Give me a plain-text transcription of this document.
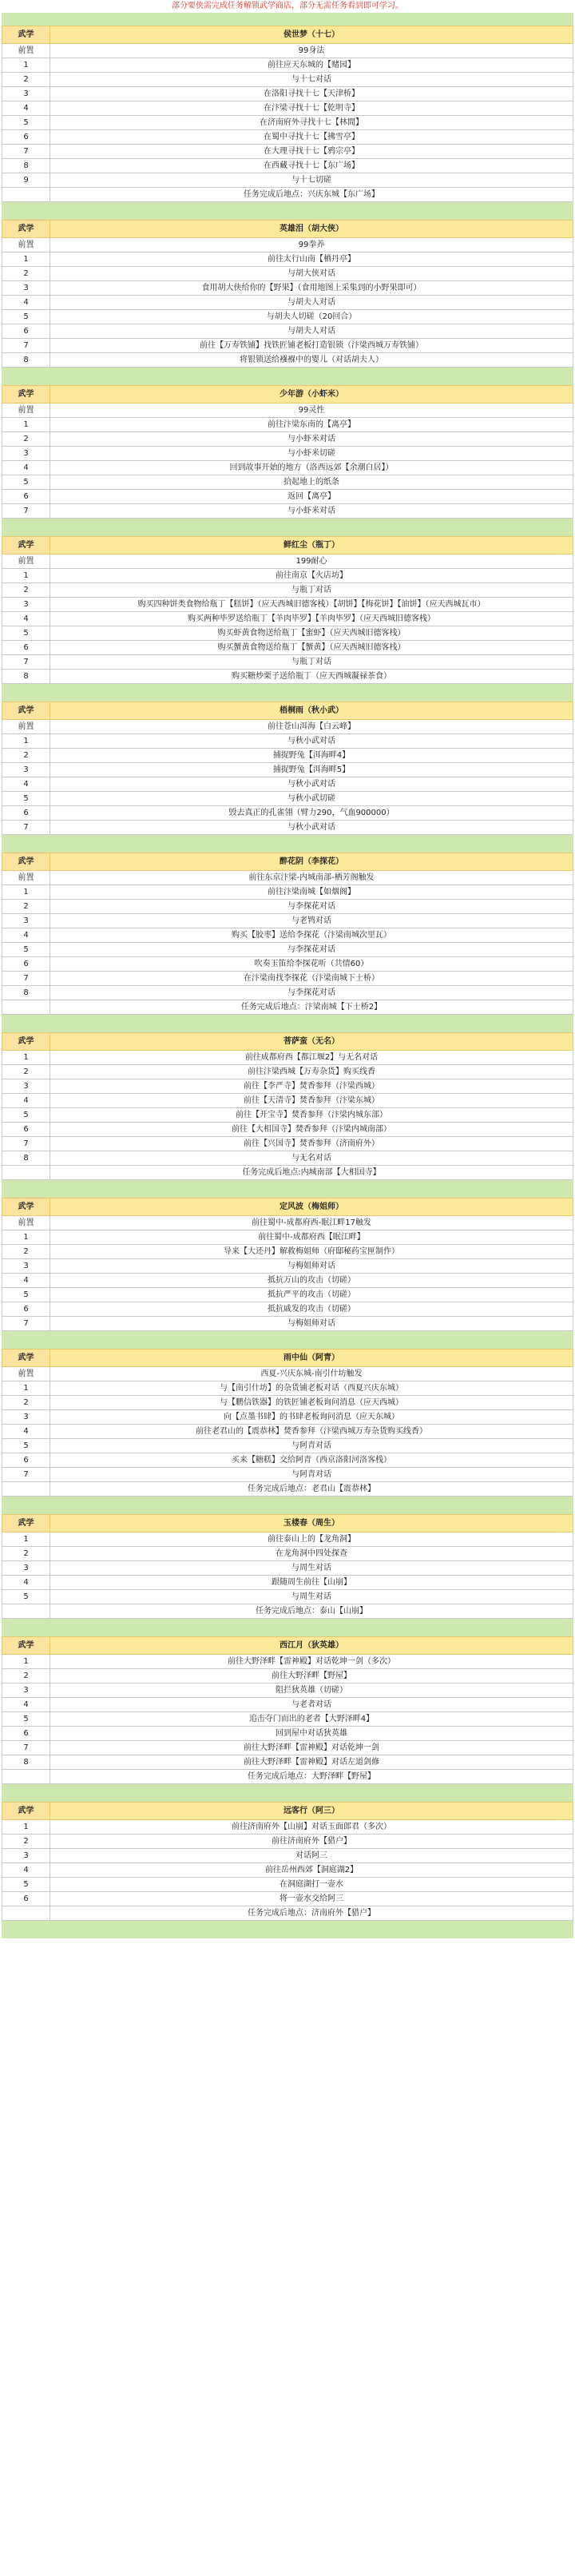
部分要侠需完成任务解锁武学商店，部分无需任务看到即可学习。
武学	侯世梦（十七）
前置	99身法
1	前往应天东城的【赌园】
2	与十七对话
3	在洛阳寻找十七【天津桥】
4	在汴梁寻找十七【乾明寺】
5	在济南府外寻找十七【林間】
6	在蜀中寻找十七【拂雪亭】
7	在大理寻找十七【鸦宗亭】
8	在西藏寻找十七【东广场】
9	与十七切磋
	任务完成后地点：兴庆东城【东广场】
武学	英雄泪（胡大侠）
前置	99拳养
1	前往太行山南【栖丹亭】
2	与胡大侠对话
3	食用胡大侠给你的【野果】（食用地图上采集到的小野果即可）
4	与胡夫人对话
5	与胡夫人切磋（20回合）
6	与胡夫人对话
7	前往【万寿铁铺】找铁匠铺老板打造银锁（汴梁西城万寿铁铺）
8	将银锁送给襁褓中的婴儿（对话胡夫人）
武学	少年游（小虾米）
前置	99灵性
1	前往汴梁东南的【离亭】
2	与小虾米对话
3	与小虾米切磋
4	回到故事开始的地方（洛西远郊【余潮白居】）
5	拾起地上的纸条
6	返回【离亭】
7	与小虾米对话
武学	鲜红尘（瓶丁）
前置	199耐心
1	前往南京【火店坊】
2	与瓶丁对话
3	购买四种饼类食物给瓶丁【糕饼】（应天西城旧德客栈）【胡饼】【梅花饼】【油饼】（应天西城瓦市）
4	购买两种毕罗送给瓶丁【羊肉毕罗】【羊肉毕罗】（应天西城旧德客栈）
5	购买虾黄食物送给瓶丁【蜜虾】（应天西城旧德客栈）
6	购买蟹黄食物送给瓶丁【蟹黄】（应天西城旧德客栈）
7	与瓶丁对话
8	购买糖炒栗子送给瓶丁（应天西城凝禄茶食）
武学	梧桐雨（秋小武）
前置	前往苍山洱海【白云峰】
1	与秋小武对话
2	捕捉野兔【洱海畔4】
3	捕捉野兔【洱海畔5】
4	与秋小武对话
5	与秋小武切磋
6	毁去真正的孔雀翎（臂力290，气血900000）
7	与秋小武对话
武学	醉花阴（李探花）
前置	前往东京汴梁-内城南部-栖芳阁触发
1	前往汴梁南城【如烟阁】
2	与李探花对话
3	与老鸨对话
4	购买【胶枣】送给李探花（汴梁南城次里瓦）
5	与李探花对话
6	吹奏玉笛给李探花听（共情60）
7	在汴梁南找李探花（汴梁南城下士桥）
8	与李探花对话
	任务完成后地点：汴梁南城【下士桥2】
武学	菩萨蛮（无名）
1	前往成都府西【都江堰2】与无名对话
2	前往汴梁西城【万寿杂货】购买线香
3	前往【李严寺】焚香参拜（汴梁西城）
4	前往【天清寺】焚香参拜（汴梁东城）
5	前往【开宝寺】焚香参拜（汴梁内城东部）
6	前往【大相国寺】焚香参拜（汴梁内城南部）
7	前往【兴国寺】焚香参拜（济南府外）
8	与无名对话
	任务完成后地点:内城南部【大相国寺】
武学	定风波（梅姐师）
前置	前往蜀中-成都府西-眠江畔17触发
1	前往蜀中-成都府西【眠江畔】
2	导来【大还丹】解救梅姐师（府邸秘药宝匣制作）
3	与梅姐师对话
4	抵抗万山的攻击（切磋）
5	抵抗严平的攻击（切磋）
6	抵抗戚发的攻击（切磋）
7	与梅姐师对话
武学	雨中仙（阿青）
前置	西夏-兴庆东城-南引什坊触发
1	与【南引什坊】的杂货铺老板对话（西夏兴庆东城）
2	与【鹏信铁器】的铁匠铺老板询问消息（应天西城）
3	向【点墨书肆】的书肆老板询问消息（应天东城）
4	前往老君山的【震恭林】焚香参拜（汴梁西城万寿杂货购买线香）
5	与阿青对话
6	买来【糖糕】交给阿青（西京洛阳河洛客栈）
7	与阿青对话
	任务完成后地点：老君山【震恭林】
武学	玉楼春（周生）
1	前往泰山上的【龙角洞】
2	在龙角洞中四处探查
3	与周生对话
4	跟随周生前往【山崩】
5	与周生对话
	任务完成后地点：泰山【山崩】
武学	西江月（狄英雄）
1	前往大野泽畔【雷神殿】对话乾坤一剑（多次）
2	前往大野泽畔【野屋】
3	阻拦狄英雄（切磋）
4	与老者对话
5	追击夺门而出的老者【大野泽畔4】
6	回到屋中对话狄英雄
7	前往大野泽畔【雷神殿】对话乾坤一剑
8	前往大野泽畔【雷神殿】对话左道剑修
	任务完成后地点：大野泽畔【野屋】
武学	远客行（阿三）
1	前往济南府外【山崩】对话玉面郎君（多次）
2	前往济南府外【猎户】
3	对话阿三
4	前往岳州西郊【洞庭湖2】
5	在洞庭湖打一壶水
6	将一壶水交给阿三
	任务完成后地点：济南府外【猎户】
